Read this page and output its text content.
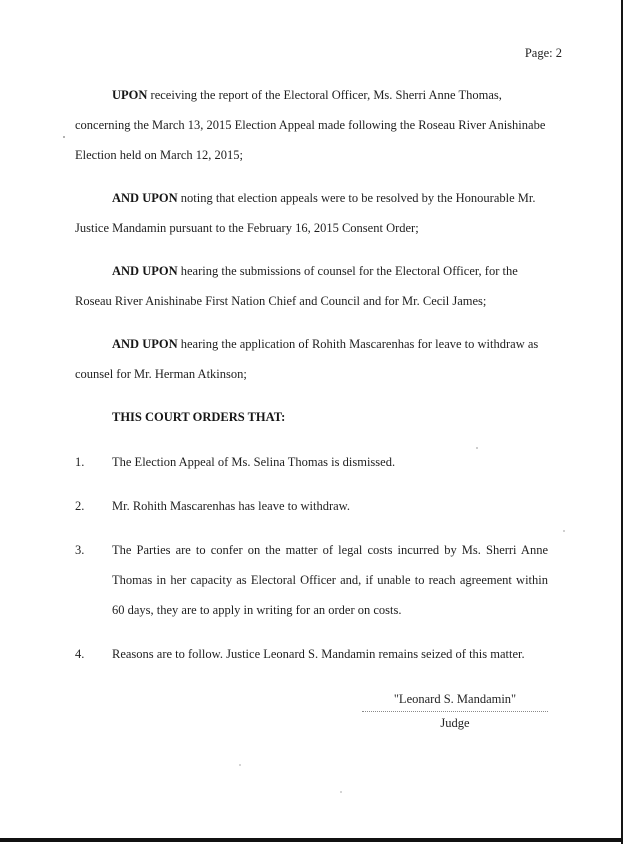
Page: 2

UPON receiving the report of the Electoral Officer, Ms. Sherri Anne Thomas, concerning the March 13, 2015 Election Appeal made following the Roseau River Anishinabe Election held on March 12, 2015;

AND UPON noting that election appeals were to be resolved by the Honourable Mr. Justice Mandamin pursuant to the February 16, 2015 Consent Order;

AND UPON hearing the submissions of counsel for the Electoral Officer, for the Roseau River Anishinabe First Nation Chief and Council and for Mr. Cecil James;

AND UPON hearing the application of Rohith Mascarenhas for leave to withdraw as counsel for Mr. Herman Atkinson;

THIS COURT ORDERS THAT:

1.	The Election Appeal of Ms. Selina Thomas is dismissed.
2.	Mr. Rohith Mascarenhas has leave to withdraw.
3.	The Parties are to confer on the matter of legal costs incurred by Ms. Sherri Anne Thomas in her capacity as Electoral Officer and, if unable to reach agreement within 60 days, they are to apply in writing for an order on costs.
4.	Reasons are to follow. Justice Leonard S. Mandamin remains seized of this matter.
"Leonard S. Mandamin"
Judge
